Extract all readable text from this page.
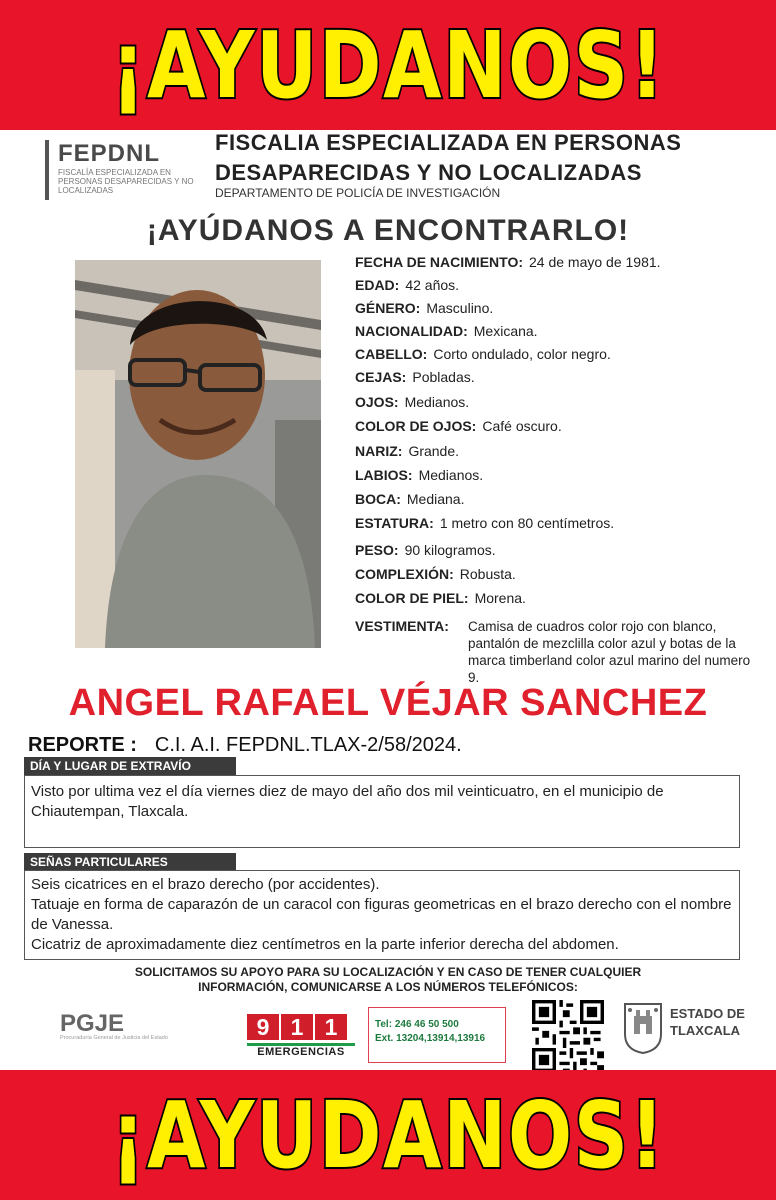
¡AYUDANOS!
FEPDNL
FISCALÍA ESPECIALIZADA EN PERSONAS DESAPARECIDAS Y NO LOCALIZADAS
FISCALIA ESPECIALIZADA EN PERSONAS
DESAPARECIDAS Y NO LOCALIZADAS
DEPARTAMENTO DE POLICÍA DE INVESTIGACIÓN
¡AYÚDANOS A ENCONTRARLO!
FECHA DE NACIMIENTO: 24 de mayo de 1981.
EDAD: 42 años.
GÉNERO: Masculino.
NACIONALIDAD: Mexicana.
CABELLO: Corto ondulado, color negro.
CEJAS: Pobladas.
OJOS: Medianos.
COLOR DE OJOS: Café oscuro.
NARIZ: Grande.
LABIOS: Medianos.
BOCA: Mediana.
ESTATURA: 1 metro con 80 centímetros.
PESO: 90 kilogramos.
COMPLEXIÓN: Robusta.
COLOR DE PIEL: Morena.
VESTIMENTA: Camisa de cuadros color rojo con blanco, pantalón de mezclilla color azul y botas de la marca timberland color azul marino del numero 9.
ANGEL RAFAEL VÉJAR SANCHEZ
REPORTE : C.I. A.I. FEPDNL.TLAX-2/58/2024.
DÍA Y LUGAR DE EXTRAVÍO
Visto por ultima vez el día viernes diez de mayo del año dos mil veinticuatro, en el municipio de Chiautempan, Tlaxcala.
SEÑAS PARTICULARES
Seis cicatrices en el brazo derecho (por accidentes).
Tatuaje en forma de caparazón de un caracol con figuras geometricas en el brazo derecho con el nombre de Vanessa.
Cicatriz de aproximadamente diez centímetros en la parte inferior derecha del abdomen.
SOLICITAMOS SU APOYO PARA SU LOCALIZACIÓN Y EN CASO DE TENER CUALQUIER
INFORMACIÓN, COMUNICARSE A LOS NÚMEROS TELEFÓNICOS:
PGJE
Procuraduría General de Justicia del Estado	9 1 1
EMERGENCIAS
Tel: 246 46 50 500
Ext. 13204,13914,13916
ESTADO DE
TLAXCALA
¡AYUDANOS!
